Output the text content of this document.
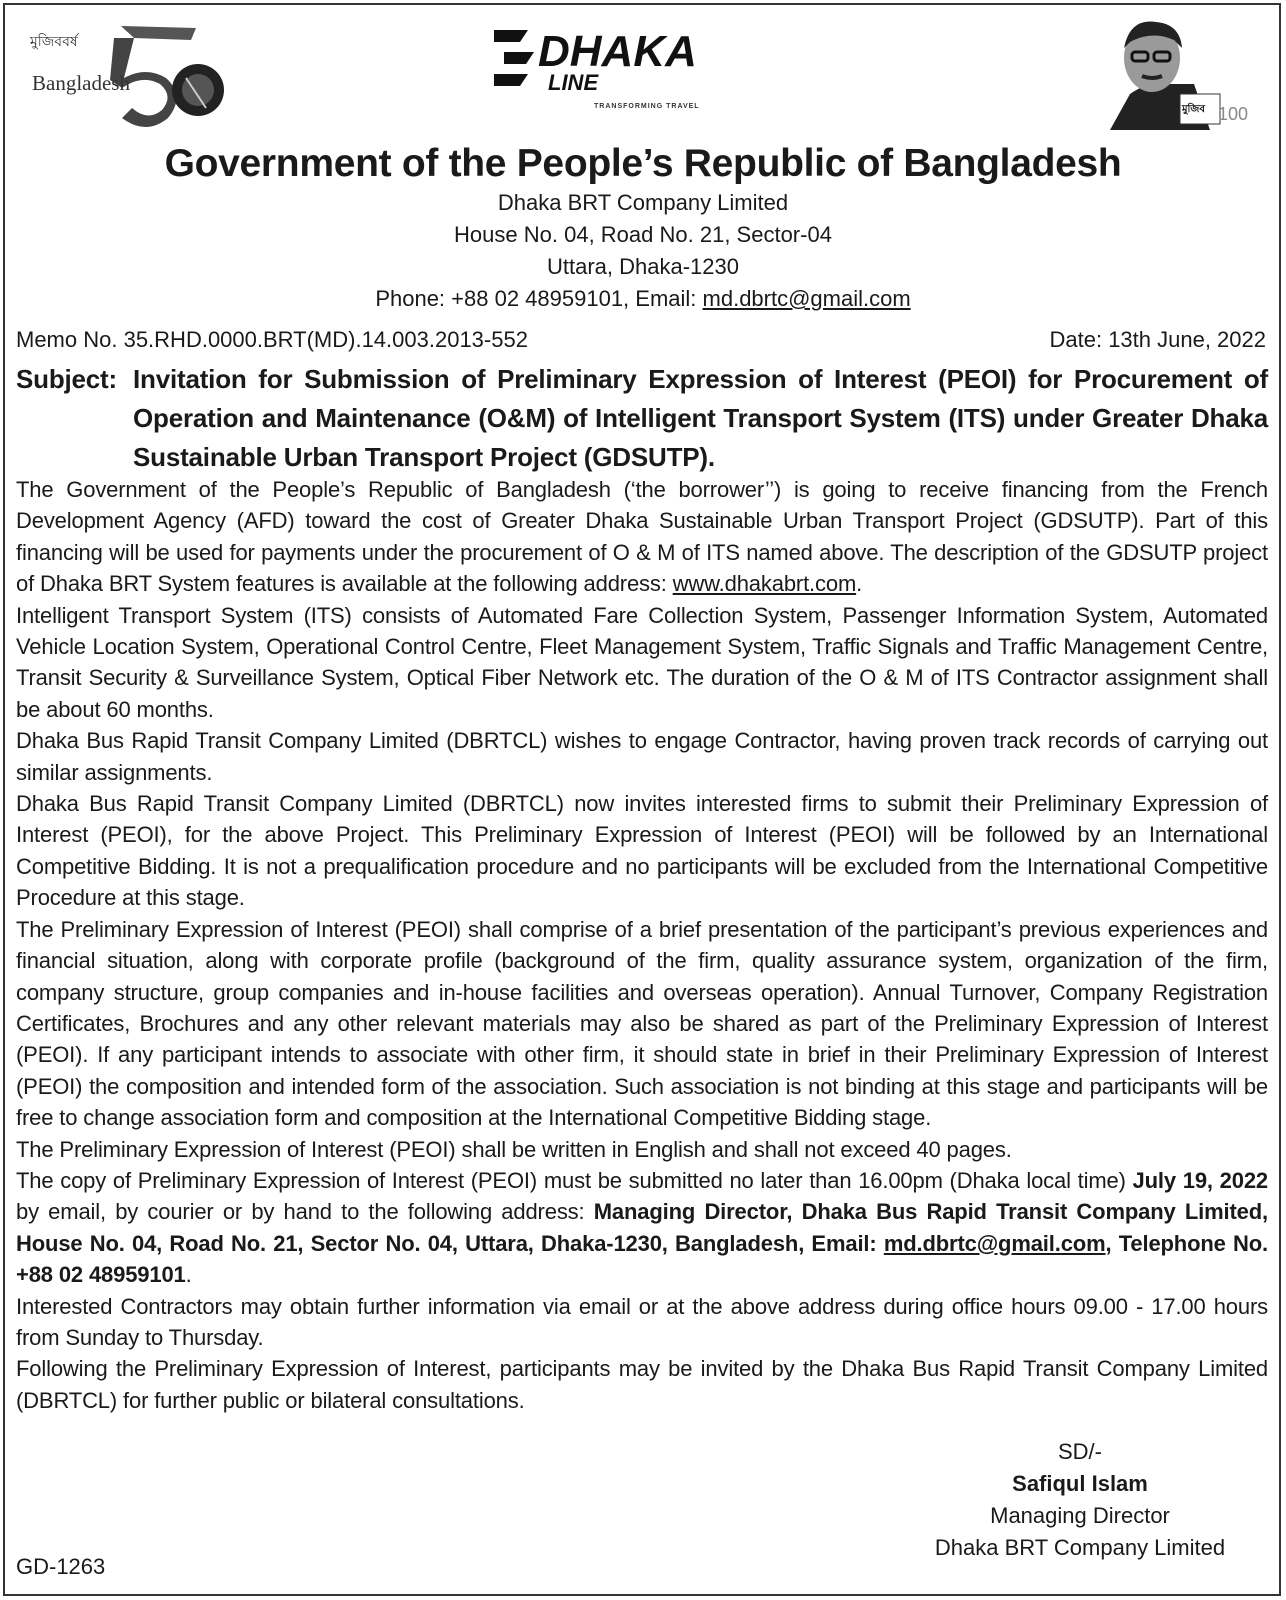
মুজিববর্ষ
Bangladesh
DHAKA
LINE
TRANSFORMING TRAVEL	মুজিব 100
Government of the People’s Republic of Bangladesh
Dhaka BRT Company Limited
House No. 04, Road No. 21, Sector-04
Uttara, Dhaka-1230
Phone: +88 02 48959101, Email: md.dbrtc@gmail.com
Memo No. 35.RHD.0000.BRT(MD).14.003.2013-552	Date: 13th June, 2022
Subject: Invitation for Submission of Preliminary Expression of Interest (PEOI) for Procurement of Operation and Maintenance (O&M) of Intelligent Transport System (ITS) under Greater Dhaka Sustainable Urban Transport Project (GDSUTP).

The Government of the People’s Republic of Bangladesh (‘the borrower’’) is going to receive financing from the French Development Agency (AFD) toward the cost of Greater Dhaka Sustainable Urban Transport Project (GDSUTP). Part of this financing will be used for payments under the procurement of O & M of ITS named above. The description of the GDSUTP project of Dhaka BRT System features is available at the following address: www.dhakabrt.com.

Intelligent Transport System (ITS) consists of Automated Fare Collection System, Passenger Information System, Automated Vehicle Location System, Operational Control Centre, Fleet Management System, Traffic Signals and Traffic Management Centre, Transit Security & Surveillance System, Optical Fiber Network etc. The duration of the O & M of ITS Contractor assignment shall be about 60 months.

Dhaka Bus Rapid Transit Company Limited (DBRTCL) wishes to engage Contractor, having proven track records of carrying out similar assignments.

Dhaka Bus Rapid Transit Company Limited (DBRTCL) now invites interested firms to submit their Preliminary Expression of Interest (PEOI), for the above Project. This Preliminary Expression of Interest (PEOI) will be followed by an International Competitive Bidding. It is not a prequalification procedure and no participants will be excluded from the International Competitive Procedure at this stage.

The Preliminary Expression of Interest (PEOI) shall comprise of a brief presentation of the participant’s previous experiences and financial situation, along with corporate profile (background of the firm, quality assurance system, organization of the firm, company structure, group companies and in-house facilities and overseas operation). Annual Turnover, Company Registration Certificates, Brochures and any other relevant materials may also be shared as part of the Preliminary Expression of Interest (PEOI). If any participant intends to associate with other firm, it should state in brief in their Preliminary Expression of Interest (PEOI) the composition and intended form of the association. Such association is not binding at this stage and participants will be free to change association form and composition at the International Competitive Bidding stage.

The Preliminary Expression of Interest (PEOI) shall be written in English and shall not exceed 40 pages.

The copy of Preliminary Expression of Interest (PEOI) must be submitted no later than 16.00pm (Dhaka local time) July 19, 2022 by email, by courier or by hand to the following address: Managing Director, Dhaka Bus Rapid Transit Company Limited, House No. 04, Road No. 21, Sector No. 04, Uttara, Dhaka-1230, Bangladesh, Email: md.dbrtc@gmail.com, Telephone No. +88 02 48959101.

Interested Contractors may obtain further information via email or at the above address during office hours 09.00 - 17.00 hours from Sunday to Thursday.

Following the Preliminary Expression of Interest, participants may be invited by the Dhaka Bus Rapid Transit Company Limited (DBRTCL) for further public or bilateral consultations.

SD/-
Safiqul Islam
Managing Director
Dhaka BRT Company Limited
GD-1263
